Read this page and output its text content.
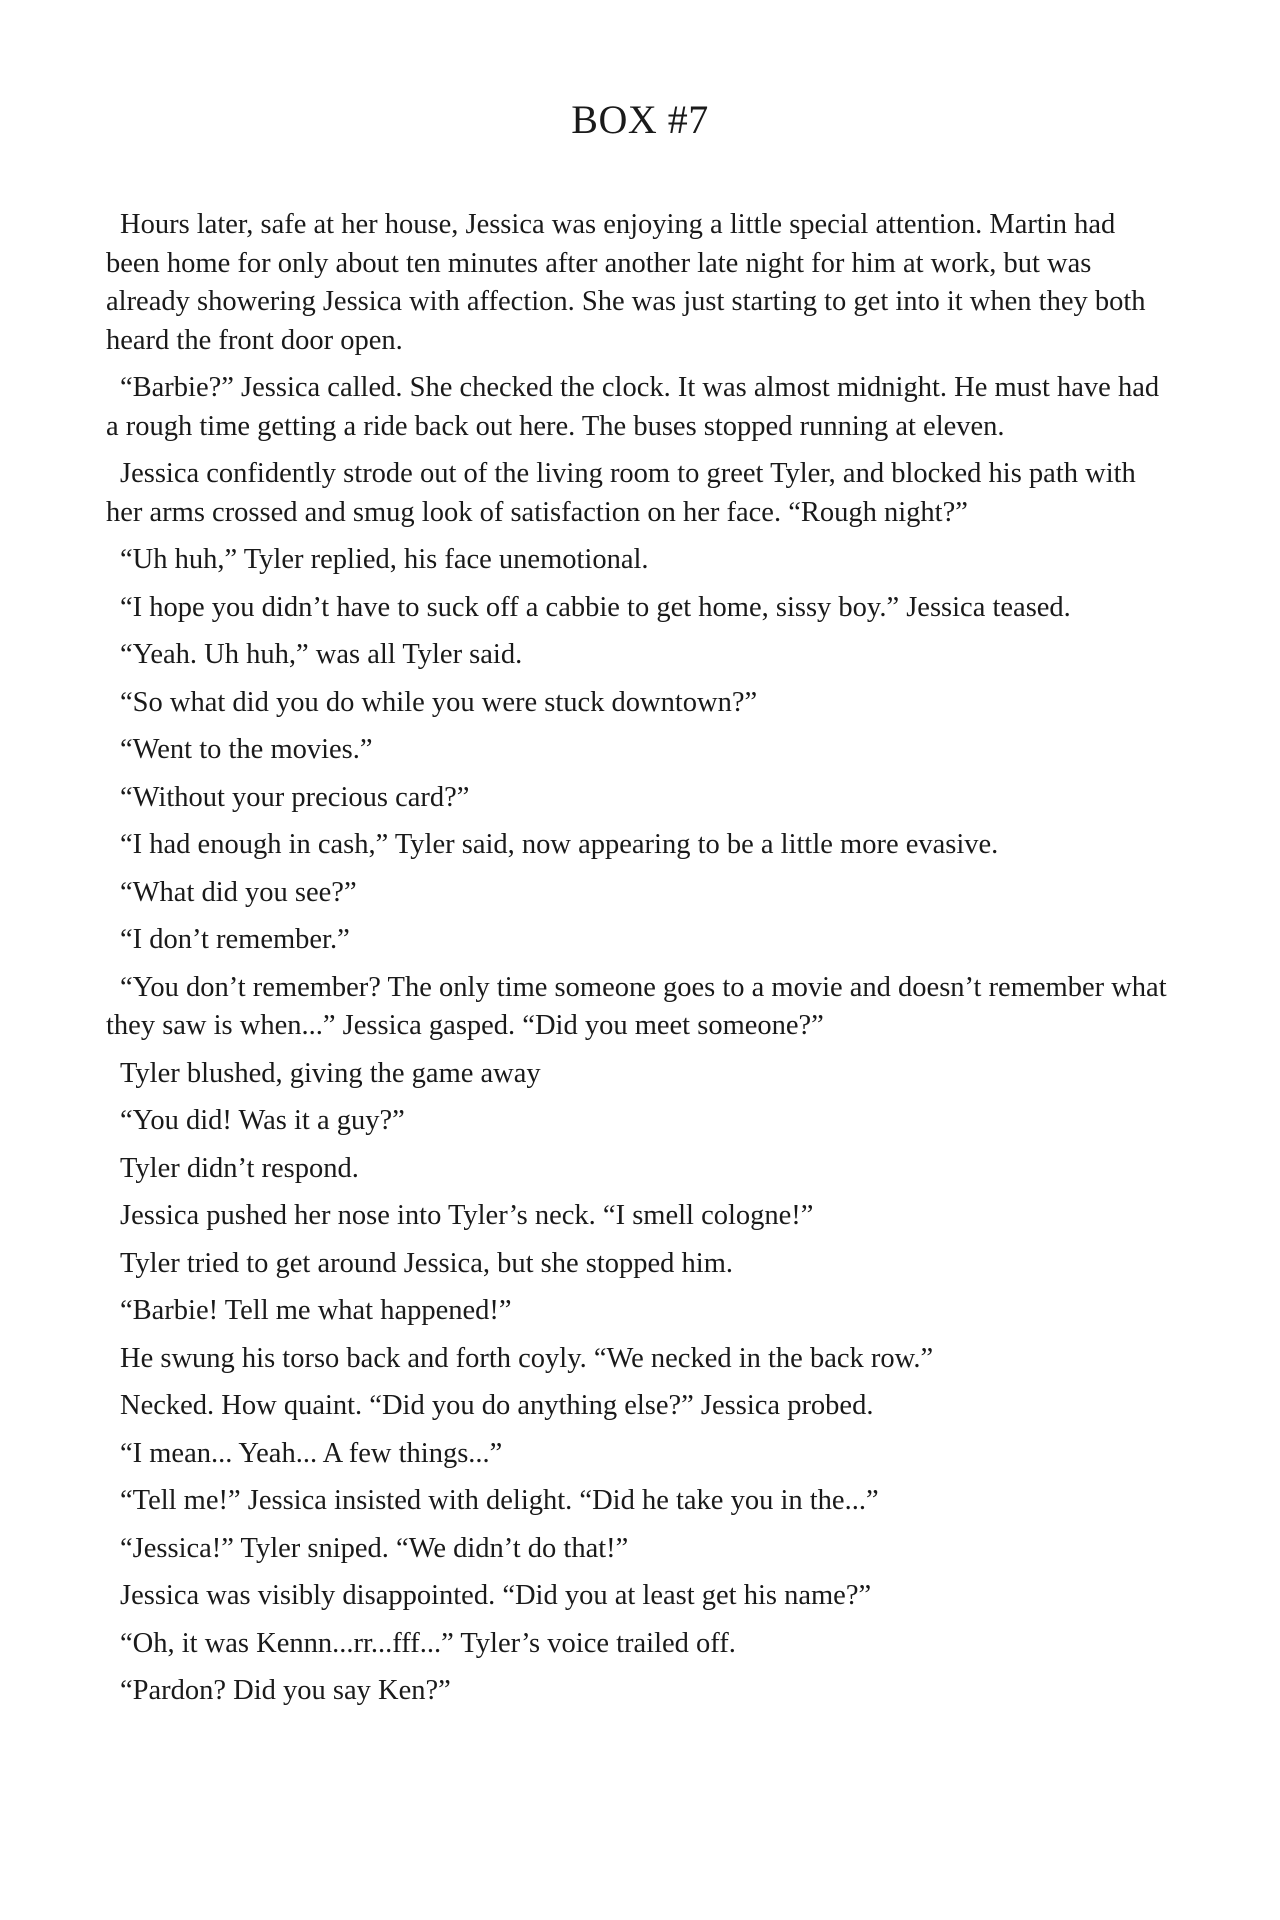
BOX #7

Hours later, safe at her house, Jessica was enjoying a little special attention. Martin had been home for only about ten minutes after another late night for him at work, but was already showering Jessica with affection. She was just starting to get into it when they both heard the front door open.

“Barbie?” Jessica called. She checked the clock. It was almost midnight. He must have had a rough time getting a ride back out here. The buses stopped running at eleven.

Jessica confidently strode out of the living room to greet Tyler, and blocked his path with her arms crossed and smug look of satisfaction on her face. “Rough night?”

“Uh huh,” Tyler replied, his face unemotional.

“I hope you didn’t have to suck off a cabbie to get home, sissy boy.” Jessica teased.

“Yeah. Uh huh,” was all Tyler said.

“So what did you do while you were stuck downtown?”

“Went to the movies.”

“Without your precious card?”

“I had enough in cash,” Tyler said, now appearing to be a little more evasive.

“What did you see?”

“I don’t remember.”

“You don’t remember? The only time someone goes to a movie and doesn’t remember what they saw is when...” Jessica gasped. “Did you meet someone?”

Tyler blushed, giving the game away

“You did! Was it a guy?”

Tyler didn’t respond.

Jessica pushed her nose into Tyler’s neck. “I smell cologne!”

Tyler tried to get around Jessica, but she stopped him.

“Barbie! Tell me what happened!”

He swung his torso back and forth coyly. “We necked in the back row.”

Necked. How quaint. “Did you do anything else?” Jessica probed.

“I mean... Yeah... A few things...”

“Tell me!” Jessica insisted with delight. “Did he take you in the...”

“Jessica!” Tyler sniped. “We didn’t do that!”

Jessica was visibly disappointed. “Did you at least get his name?”

“Oh, it was Kennn...rr...fff...” Tyler’s voice trailed off.

“Pardon? Did you say Ken?”
